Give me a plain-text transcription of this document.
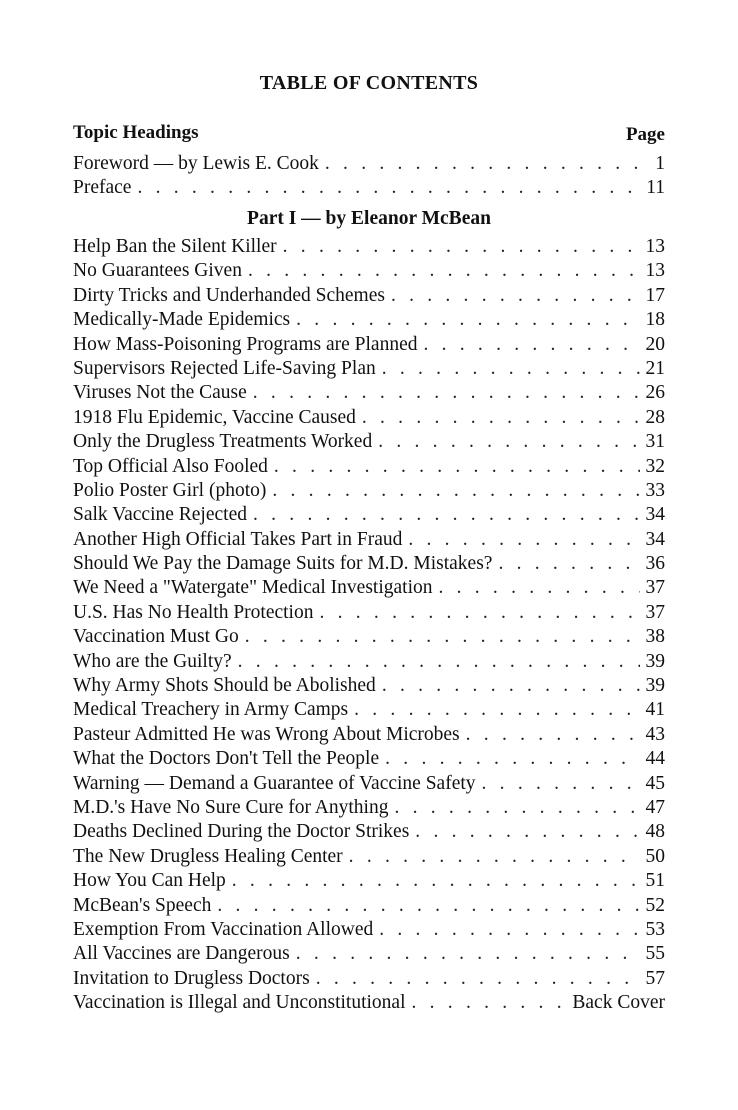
TABLE OF CONTENTS
Topic Headings	Page
Foreword — by Lewis E. Cook . . .	1
Preface . . .	11
Part I — by Eleanor McBean
Help Ban the Silent Killer . . .	13
No Guarantees Given . . .	13
Dirty Tricks and Underhanded Schemes . . .	17
Medically-Made Epidemics . . .	18
How Mass-Poisoning Programs are Planned . . .	20
Supervisors Rejected Life-Saving Plan . . .	21
Viruses Not the Cause . . .	26
1918 Flu Epidemic, Vaccine Caused . . .	28
Only the Drugless Treatments Worked . . .	31
Top Official Also Fooled . . .	32
Polio Poster Girl (photo) . . .	33
Salk Vaccine Rejected . . .	34
Another High Official Takes Part in Fraud . . .	34
Should We Pay the Damage Suits for M.D. Mistakes? . . .	36
We Need a "Watergate" Medical Investigation . . .	37
U.S. Has No Health Protection . . .	37
Vaccination Must Go . . .	38
Who are the Guilty? . . .	39
Why Army Shots Should be Abolished . . .	39
Medical Treachery in Army Camps . . .	41
Pasteur Admitted He was Wrong About Microbes . . .	43
What the Doctors Don't Tell the People . . .	44
Warning — Demand a Guarantee of Vaccine Safety . . .	45
M.D.'s Have No Sure Cure for Anything . . .	47
Deaths Declined During the Doctor Strikes . . .	48
The New Drugless Healing Center . . .	50
How You Can Help . . .	51
McBean's Speech . . .	52
Exemption From Vaccination Allowed . . .	53
All Vaccines are Dangerous . . .	55
Invitation to Drugless Doctors . . .	57
Vaccination is Illegal and Unconstitutional . . .	Back Cover
